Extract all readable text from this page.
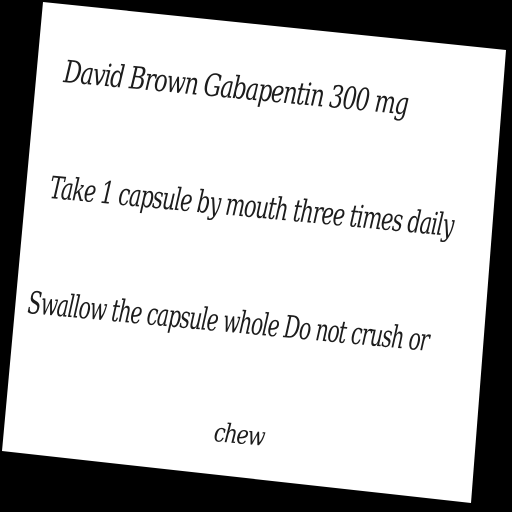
David Brown Gabapentin 300 mg
Take 1 capsule by mouth three times daily
Swallow the capsule whole Do not crush or
chew
